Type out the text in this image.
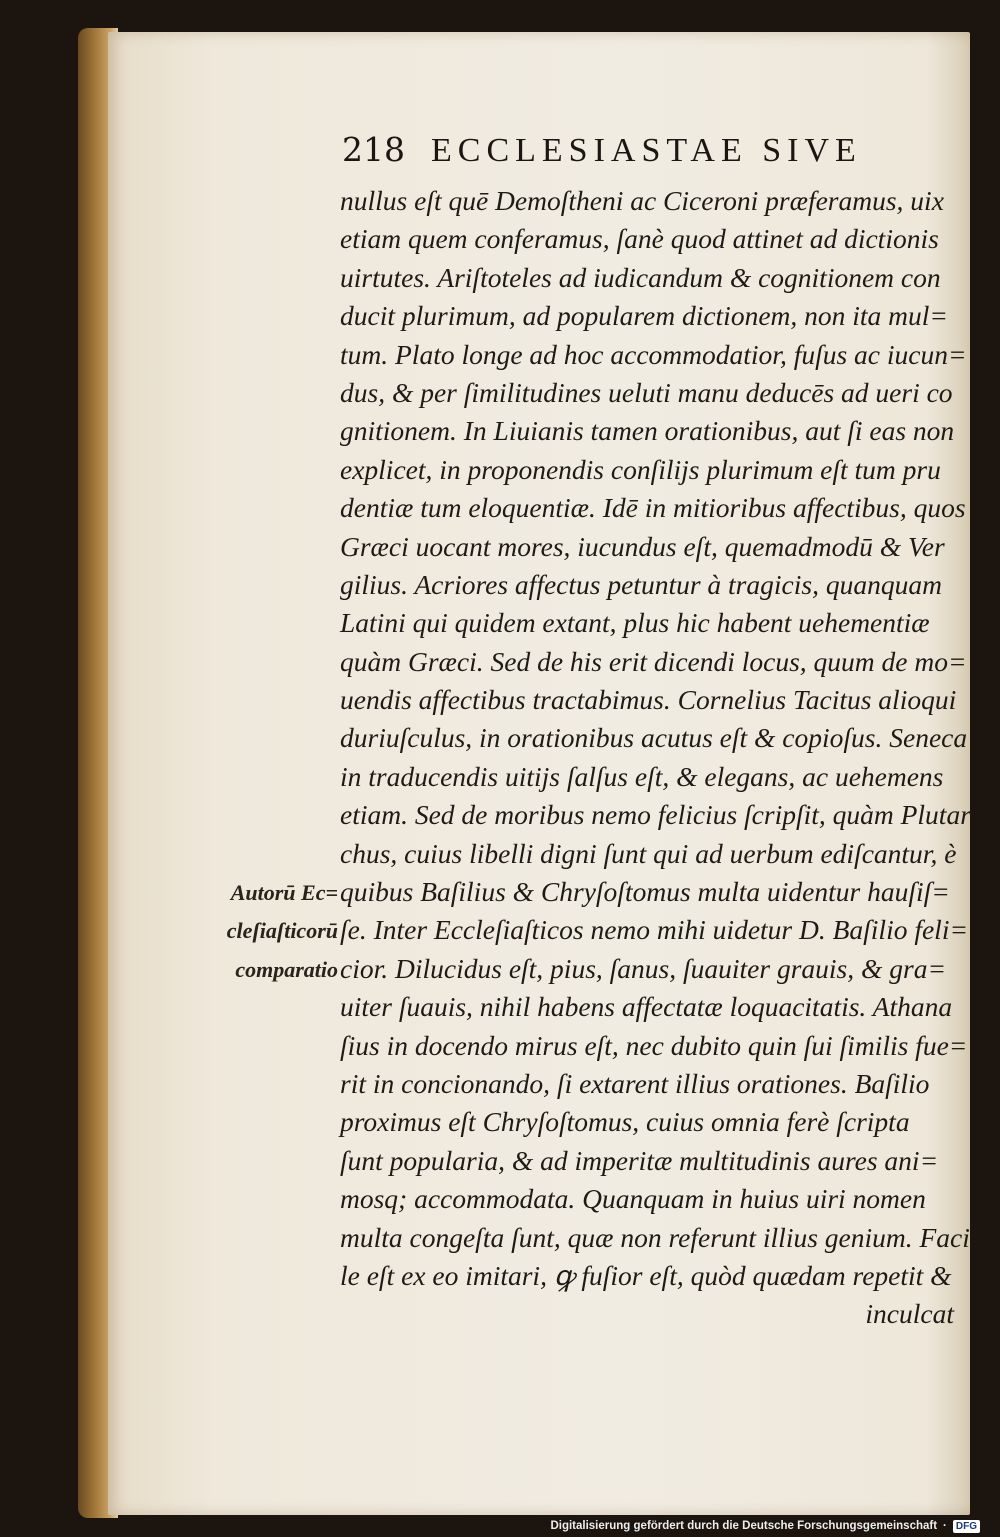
218 ECCLESIASTAE SIVE
nullus eſt quē Demoſtheni ac Ciceroni præferamus, uix
etiam quem conferamus, ſanè quod attinet ad dictionis
uirtutes. Ariſtoteles ad iudicandum & cognitionem con
ducit plurimum, ad popularem dictionem, non ita mul=
tum. Plato longe ad hoc accommodatior, fuſus ac iucun=
dus, & per ſimilitudines ueluti manu deducēs ad ueri co
gnitionem. In Liuianis tamen orationibus, aut ſi eas non
explicet, in proponendis conſilijs plurimum eſt tum pru
dentiæ tum eloquentiæ. Idē in mitioribus affectibus, quos
Græci uocant mores, iucundus eſt, quemadmodū & Ver
gilius. Acriores affectus petuntur à tragicis, quanquam
Latini qui quidem extant, plus hic habent uehementiæ
quàm Græci. Sed de his erit dicendi locus, quum de mo=
uendis affectibus tractabimus. Cornelius Tacitus alioqui
duriuſculus, in orationibus acutus eſt & copioſus. Seneca
in traducendis uitijs ſalſus eſt, & elegans, ac uehemens
etiam. Sed de moribus nemo felicius ſcripſit, quàm Plutar
chus, cuius libelli digni ſunt qui ad uerbum ediſcantur, è
quibus Baſilius & Chryſoſtomus multa uidentur hauſiſ=
ſe. Inter Eccleſiaſticos nemo mihi uidetur D. Baſilio feli=
cior. Dilucidus eſt, pius, ſanus, ſuauiter grauis, & gra=
uiter ſuauis, nihil habens affectatæ loquacitatis. Athana
ſius in docendo mirus eſt, nec dubito quin ſui ſimilis fue=
rit in concionando, ſi extarent illius orationes. Baſilio
proximus eſt Chryſoſtomus, cuius omnia ferè ſcripta
ſunt popularia, & ad imperitæ multitudinis aures ani=
mosq; accommodata. Quanquam in huius uiri nomen
multa congeſta ſunt, quæ non referunt illius genium. Faci
le eſt ex eo imitari, ꝙ fuſior eſt, quòd quædam repetit &
inculcat
Autorū Ec=
cleſiaſticorū
comparatio
Digitalisierung gefördert durch die Deutsche Forschungsgemeinschaft · DFG
